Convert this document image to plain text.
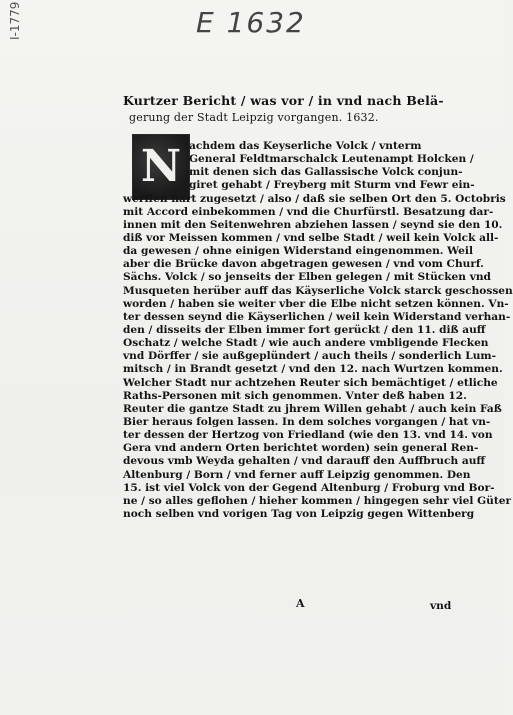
I-1779	E 1632
Kurtzer Bericht / was vor / in vnd nach Belä-
gerung der Stadt Leipzig vorgangen. 1632.
N achdem das Keyserliche Volck / vnterm
General Feldtmarschalck Leutenampt Holcken /
mit denen sich das Gallassische Volck conjun-
giret gehabt / Freyberg mit Sturm vnd Fewr ein-
werffen hart zugesetzt / also / daß sie selben Ort den 5. Octobris
mit Accord einbekommen / vnd die Churfürstl. Besatzung dar-
innen mit den Seitenwehren abziehen lassen / seynd sie den 10.
diß vor Meissen kommen / vnd selbe Stadt / weil kein Volck all-
da gewesen / ohne einigen Widerstand eingenommen. Weil
aber die Brücke davon abgetragen gewesen / vnd vom Churf.
Sächs. Volck / so jenseits der Elben gelegen / mit Stücken vnd
Musqueten herüber auff das Käyserliche Volck starck geschossen
worden / haben sie weiter vber die Elbe nicht setzen können. Vn-
ter dessen seynd die Käyserlichen / weil kein Widerstand verhan-
den / disseits der Elben immer fort gerückt / den 11. diß auff
Oschatz / welche Stadt / wie auch andere vmbligende Flecken
vnd Dörffer / sie außgeplündert / auch theils / sonderlich Lum-
mitsch / in Brandt gesetzt / vnd den 12. nach Wurtzen kommen.
Welcher Stadt nur achtzehen Reuter sich bemächtiget / etliche
Raths-Personen mit sich genommen. Vnter deß haben 12.
Reuter die gantze Stadt zu jhrem Willen gehabt / auch kein Faß
Bier heraus folgen lassen. In dem solches vorgangen / hat vn-
ter dessen der Hertzog von Friedland (wie den 13. vnd 14. von
Gera vnd andern Orten berichtet worden) sein general Ren-
devous vmb Weyda gehalten / vnd darauff den Auffbruch auff
Altenburg / Born / vnd ferner auff Leipzig genommen. Den
15. ist viel Volck von der Gegend Altenburg / Froburg vnd Bor-
ne / so alles geflohen / hieher kommen / hingegen sehr viel Güter
noch selben vnd vorigen Tag von Leipzig gegen Wittenberg
A	vnd
